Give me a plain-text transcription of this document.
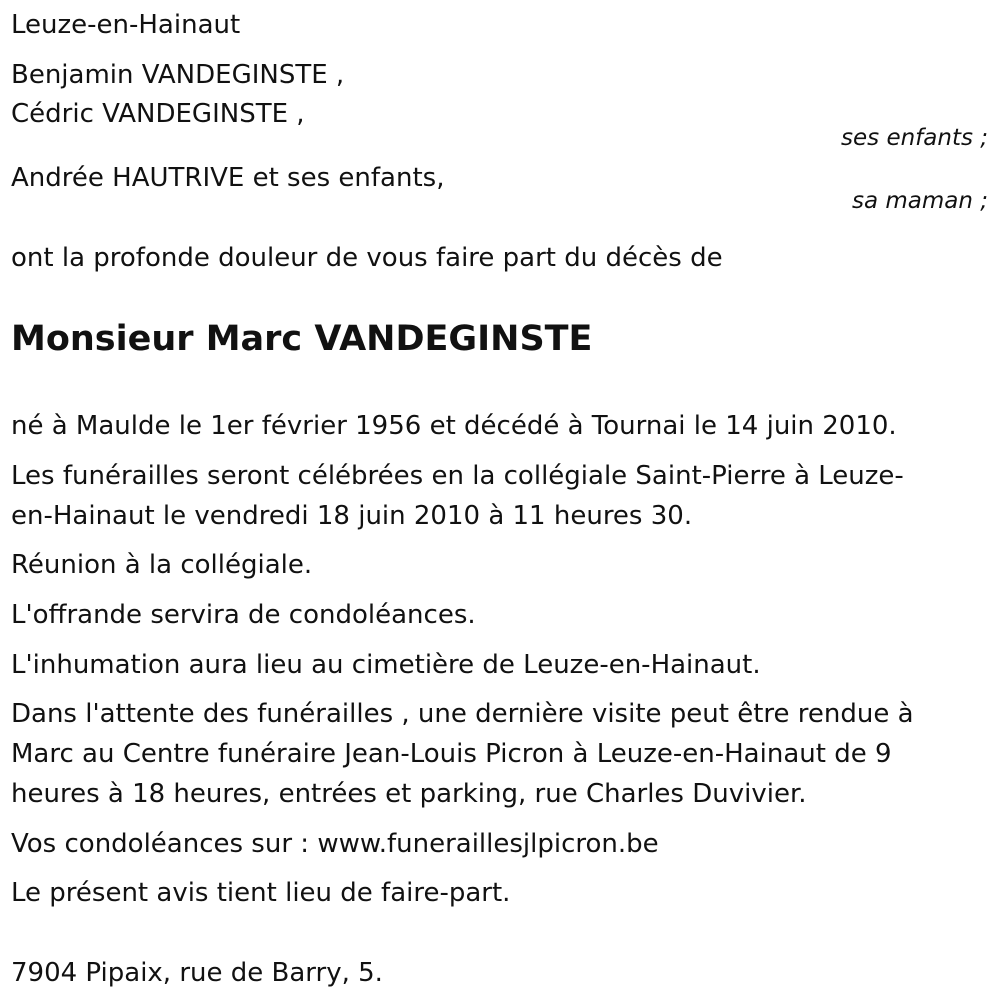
Leuze-en-Hainaut
Benjamin VANDEGINSTE ,
Cédric VANDEGINSTE ,
ses enfants ;
Andrée HAUTRIVE et ses enfants,
sa maman ;
ont la profonde douleur de vous faire part du décès de
Monsieur Marc VANDEGINSTE
né à Maulde le 1er février 1956 et décédé à Tournai le 14 juin 2010.
Les funérailles seront célébrées en la collégiale Saint-Pierre à Leuze-
en-Hainaut le vendredi 18 juin 2010 à 11 heures 30.
Réunion à la collégiale.
L'offrande servira de condoléances.
L'inhumation aura lieu au cimetière de Leuze-en-Hainaut.
Dans l'attente des funérailles , une dernière visite peut être rendue à
Marc au Centre funéraire Jean-Louis Picron à Leuze-en-Hainaut de 9
heures à 18 heures, entrées et parking, rue Charles Duvivier.
Vos condoléances sur : www.funeraillesjlpicron.be
Le présent avis tient lieu de faire-part.
7904 Pipaix, rue de Barry, 5.
